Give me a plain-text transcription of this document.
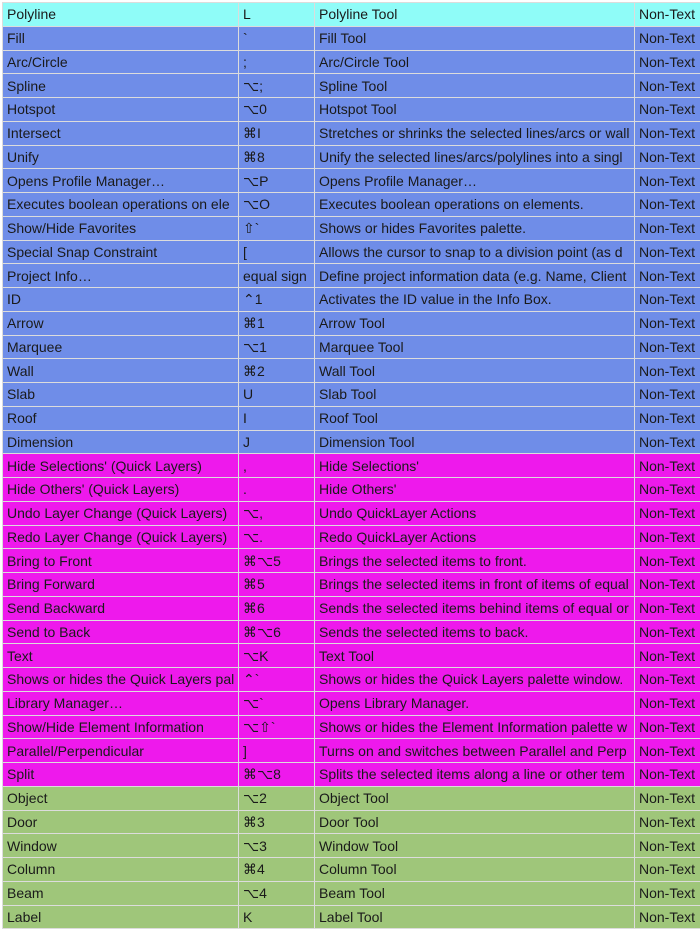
Polyline	L	Polyline Tool	Non-Text
Fill	`	Fill Tool	Non-Text
Arc/Circle	;	Arc/Circle Tool	Non-Text
Spline	⌥;	Spline Tool	Non-Text
Hotspot	⌥0	Hotspot Tool	Non-Text
Intersect	⌘I	Stretches or shrinks the selected lines/arcs or wall	Non-Text
Unify	⌘8	Unify the selected lines/arcs/polylines into a singl	Non-Text
Opens Profile Manager…	⌥P	Opens Profile Manager…	Non-Text
Executes boolean operations on ele	⌥O	Executes boolean operations on elements.	Non-Text
Show/Hide Favorites	⇧`	Shows or hides Favorites palette.	Non-Text
Special Snap Constraint	[	Allows the cursor to snap to a division point (as d	Non-Text
Project Info…	equal sign	Define project information data (e.g. Name, Client	Non-Text
ID	⌃1	Activates the ID value in the Info Box.	Non-Text
Arrow	⌘1	Arrow Tool	Non-Text
Marquee	⌥1	Marquee Tool	Non-Text
Wall	⌘2	Wall Tool	Non-Text
Slab	U	Slab Tool	Non-Text
Roof	I	Roof Tool	Non-Text
Dimension	J	Dimension Tool	Non-Text
Hide Selections' (Quick Layers)	,	Hide Selections'	Non-Text
Hide Others' (Quick Layers)	.	Hide Others'	Non-Text
Undo Layer Change (Quick Layers)	⌥,	Undo QuickLayer Actions	Non-Text
Redo Layer Change (Quick Layers)	⌥.	Redo QuickLayer Actions	Non-Text
Bring to Front	⌘⌥5	Brings the selected items to front.	Non-Text
Bring Forward	⌘5	Brings the selected items in front of items of equal	Non-Text
Send Backward	⌘6	Sends the selected items behind items of equal or	Non-Text
Send to Back	⌘⌥6	Sends the selected items to back.	Non-Text
Text	⌥K	Text Tool	Non-Text
Shows or hides the Quick Layers pal	⌃`	Shows or hides the Quick Layers palette window.	Non-Text
Library Manager…	⌥`	Opens Library Manager.	Non-Text
Show/Hide Element Information	⌥⇧`	Shows or hides the Element Information palette w	Non-Text
Parallel/Perpendicular	]	Turns on and switches between Parallel and Perp	Non-Text
Split	⌘⌥8	Splits the selected items along a line or other tem	Non-Text
Object	⌥2	Object Tool	Non-Text
Door	⌘3	Door Tool	Non-Text
Window	⌥3	Window Tool	Non-Text
Column	⌘4	Column Tool	Non-Text
Beam	⌥4	Beam Tool	Non-Text
Label	K	Label Tool	Non-Text
